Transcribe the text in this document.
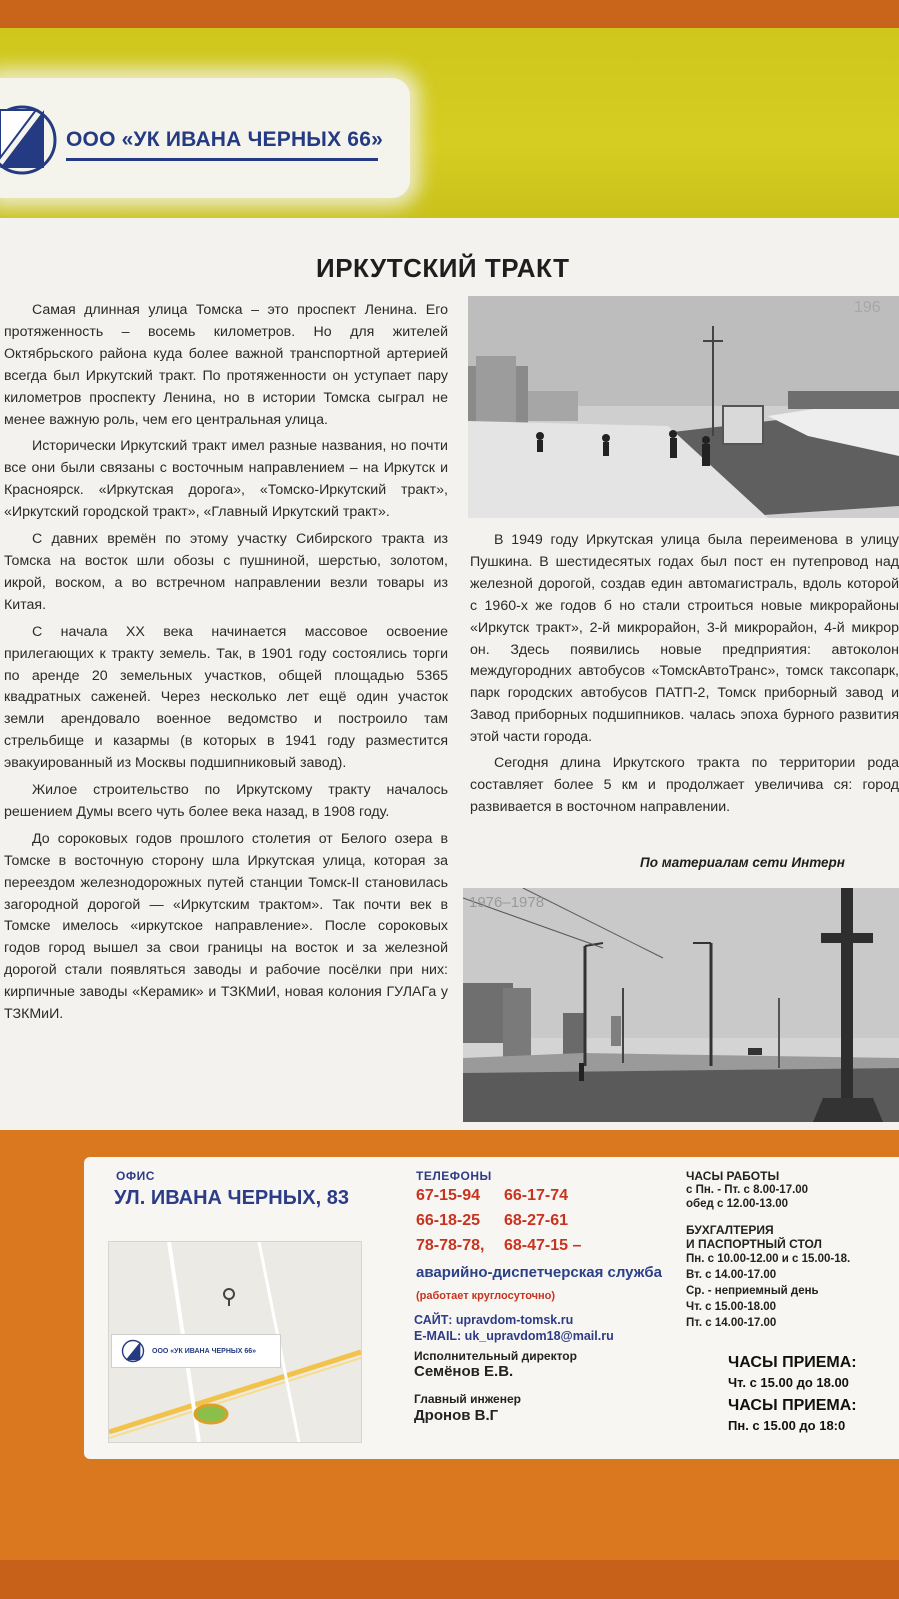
ООО «УК ИВАНА ЧЕРНЫХ 66»
ИРКУТСКИЙ ТРАКТ

Самая длинная улица Томска – это проспект Ленина. Его протяженность – восемь километров. Но для жителей Октябрьского района куда более важной транспортной артерией всегда был Иркутский тракт. По протяженности он уступает пару километров проспекту Ленина, но в истории Томска сыграл не менее важную роль, чем его центральная улица.

Исторически Иркутский тракт имел разные названия, но почти все они были связаны с восточным направлением – на Иркутск и Красноярск. «Иркутская дорога», «Томско-Иркутский тракт», «Иркутский городской тракт», «Главный Иркутский тракт».

С давних времён по этому участку Сибирского тракта из Томска на восток шли обозы с пушниной, шерстью, золотом, икрой, воском, а во встречном направлении везли товары из Китая.

С начала XX века начинается массовое освоение прилегающих к тракту земель. Так, в 1901 году состоялись торги по аренде 20 земельных участков, общей площадью 5365 квадратных саженей. Через несколько лет ещё один участок земли арендовало военное ведомство и построило там стрельбище и казармы (в которых в 1941 году разместится эвакуированный из Москвы подшипниковый завод).

Жилое строительство по Иркутскому тракту началось решением Думы всего чуть более века назад, в 1908 году.

До сороковых годов прошлого столетия от Белого озера в Томске в восточную сторону шла Иркутская улица, которая за переездом железнодорожных путей станции Томск-II становилась загородной дорогой — «Иркутским трактом». Так почти век в Томске имелось «иркутское направление». После сороковых годов город вышел за свои границы на восток и за железной дорогой стали появляться заводы и рабочие посёлки при них: кирпичные заводы «Керамик» и ТЗКМиИ, новая колония ГУЛАГа у ТЗКМиИ.

196

В 1949 году Иркутская улица была переименова в улицу Пушкина. В шестидесятых годах был пост ен путепровод над железной дорогой, создав един автомагистраль, вдоль которой с 1960-х же годов б но стали строиться новые микрорайоны «Иркутск тракт», 2-й микрорайон, 3-й микрорайон, 4-й микрор он. Здесь появились новые предприятия: автоколон междугородних автобусов «ТомскАвтоТранс», томск таксопарк, парк городских автобусов ПАТП-2, Томск приборный завод и Завод приборных подшипников. чалась эпоха бурного развития этой части города.

Сегодня длина Иркутского тракта по территории рода составляет более 5 км и продолжает увеличива ся: город развивается в восточном направлении.

По материалам сети Интерн
1976–1978
ОФИС
УЛ. ИВАНА ЧЕРНЫХ, 83
ООО «УК ИВАНА ЧЕРНЫХ 66»
ТЕЛЕФОНЫ
67-15-94 66-17-74
66-18-25 68-27-61
78-78-78, 68-47-15 –
аварийно-диспетчерская служба (работает круглосуточно)
САЙТ: upravdom-tomsk.ru
E-MAIL: uk_upravdom18@mail.ru
Исполнительный директор
Семёнов Е.В.
Главный инженер
Дронов В.Г
ЧАСЫ РАБОТЫ
с Пн. - Пт. с 8.00-17.00
обед с 12.00-13.00
БУХГАЛТЕРИЯ
И ПАСПОРТНЫЙ СТОЛ
Пн. с 10.00-12.00 и с 15.00-18.
Вт. с 14.00-17.00
Ср. - неприемный день
Чт. с 15.00-18.00
Пт. с 14.00-17.00
ЧАСЫ ПРИЕМА:
Чт. с 15.00 до 18.00
ЧАСЫ ПРИЕМА:
Пн. с 15.00 до 18:0
